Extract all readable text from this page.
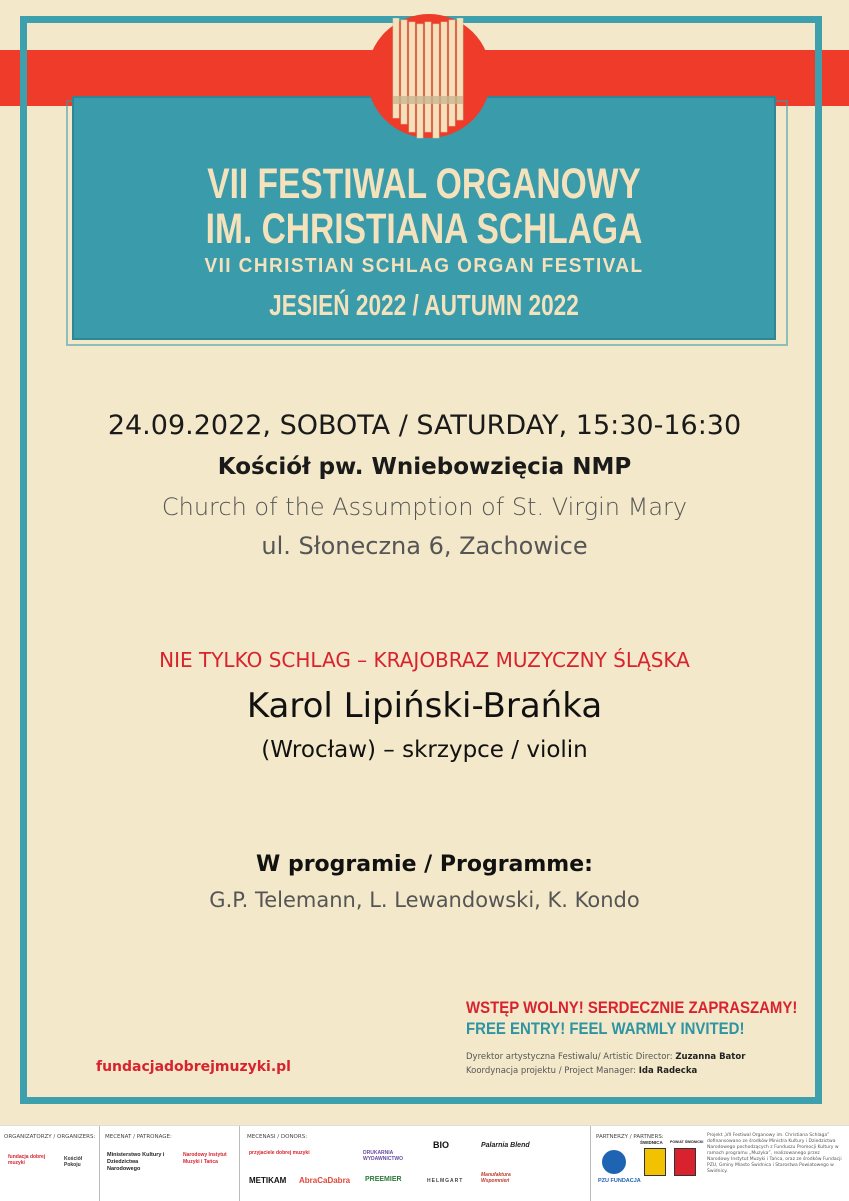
VII FESTIWAL ORGANOWY
IM. CHRISTIANA SCHLAGA
VII CHRISTIAN SCHLAG ORGAN FESTIVAL
JESIEŃ 2022 / AUTUMN 2022
24.09.2022, SOBOTA / SATURDAY, 15:30-16:30
Kościół pw. Wniebowzięcia NMP
Church of the Assumption of St. Virgin Mary
ul. Słoneczna 6, Zachowice
NIE TYLKO SCHLAG – KRAJOBRAZ MUZYCZNY ŚLĄSKA
Karol Lipiński-Brańka
(Wrocław) – skrzypce / violin
W programie / Programme:
G.P. Telemann, L. Lewandowski, K. Kondo
WSTĘP WOLNY! SERDECZNIE ZAPRASZAMY!
FREE ENTRY! FEEL WARMLY INVITED!
fundacjadobrejmuzyki.pl
Dyrektor artystyczna Festiwalu/ Artistic Director: Zuzanna Bator
Koordynacja projektu / Project Manager: Ida Radecka
ORGANIZATORZY / ORGANIZERS:
fundacja dobrej muzyki
Kościół Pokoju
MECENAT / PATRONAGE:
Ministerstwo Kultury i Dziedzictwa Narodowego
Narodowy Instytut Muzyki i Tańca
MECENASI / DONORS:
przyjaciele dobrej muzyki
METIKAM AbraCaDabra
DRUKARNIA WYDAWNICTWO
PREEMIER
BIO
HELMGART
Palarnia Blend
Manufaktura Wspomnień
PARTNERZY / PARTNERS:
PZU FUNDACJA
ŚWIDNICA POWIAT ŚWIDNICKI
Projekt „VII Festiwal Organowy im. Christiana Schlaga” dofinansowano ze środków Ministra Kultury i Dziedzictwa Narodowego pochodzących z Funduszu Promocji Kultury w ramach programu „Muzyka”, realizowanego przez Narodowy Instytut Muzyki i Tańca, oraz ze środków Fundacji PZU, Gminy Miasto Świdnica i Starostwa Powiatowego w Świdnicy.
